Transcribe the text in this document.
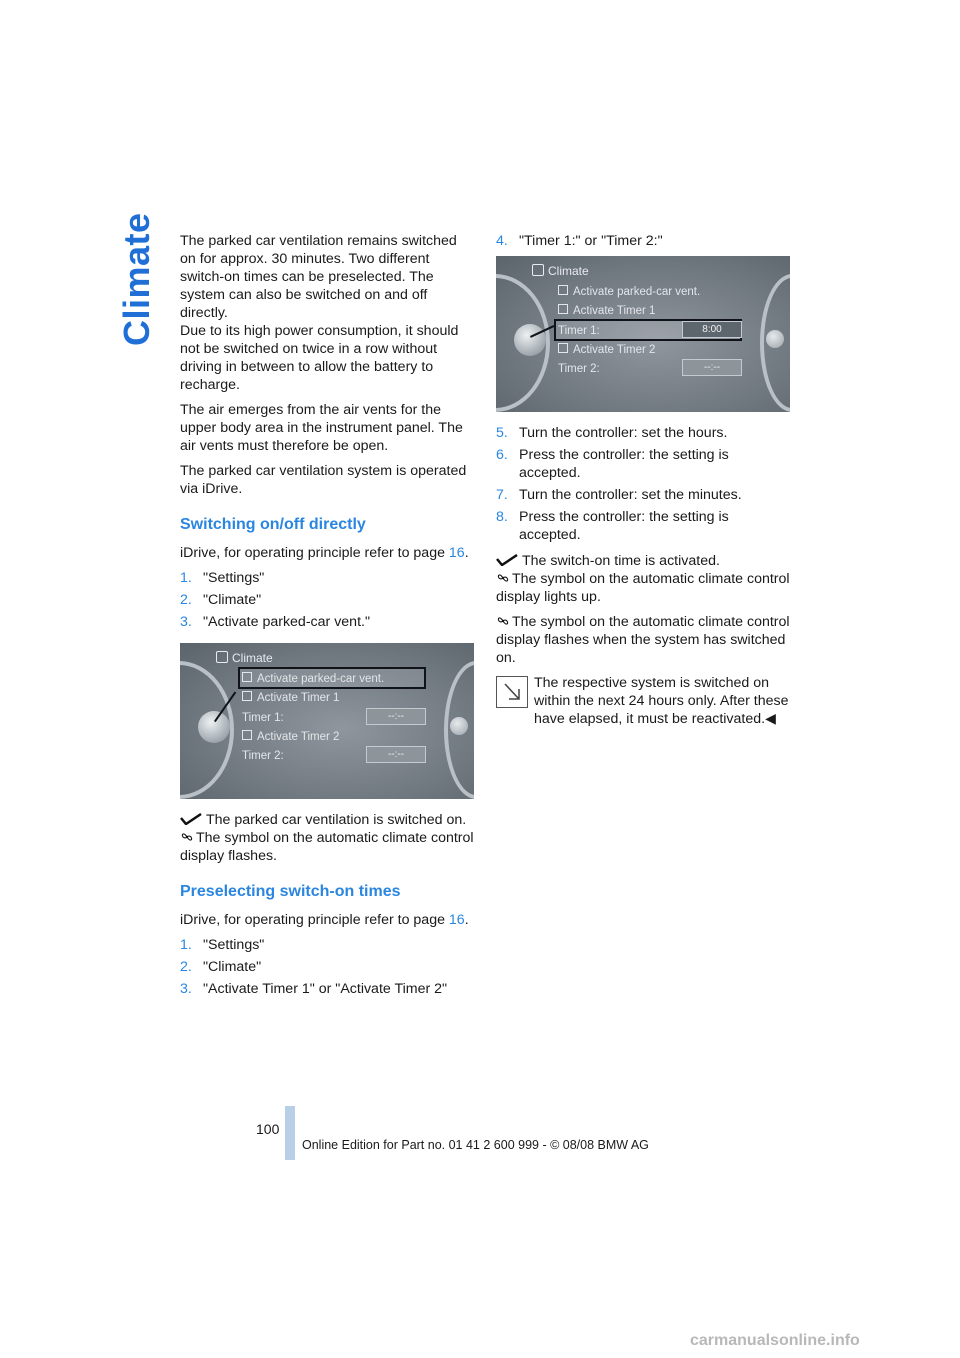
Climate The parked car ventilation remains switched on for approx. 30 minutes. Two different switch-on times can be preselected. The system can also be switched on and off directly.

Due to its high power consumption, it should not be switched on twice in a row without driving in between to allow the battery to recharge.

The air emerges from the air vents for the upper body area in the instrument panel. The air vents must therefore be open.

The parked car ventilation system is operated via iDrive.

Switching on/off directly

iDrive, for operating principle refer to page 16.

1. "Settings"
2. "Climate"
3. "Activate parked-car vent."
Climate
Activate parked-car vent.
Activate Timer 1
Timer 1:	--:--
Activate Timer 2
Timer 2:	--:--
The parked car ventilation is switched on.

The symbol on the automatic climate control display flashes.

Preselecting switch-on times

iDrive, for operating principle refer to page 16.

1. "Settings"
2. "Climate"
3. "Activate Timer 1" or "Activate Timer 2"
4. "Timer 1:" or "Timer 2:"
Climate
Activate parked-car vent.
Activate Timer 1
Timer 1:	8:00
Activate Timer 2
Timer 2:	--:--
5. Turn the controller: set the hours.
6. Press the controller: the setting is accepted.
7. Turn the controller: set the minutes.
8. Press the controller: the setting is accepted.
The switch-on time is activated.

The symbol on the automatic climate control display lights up.

The symbol on the automatic climate control display flashes when the system has switched on.

The respective system is switched on within the next 24 hours only. After these have elapsed, it must be reactivated.◀
100
Online Edition for Part no. 01 41 2 600 999 - © 08/08 BMW AG
carmanualsonline.info
